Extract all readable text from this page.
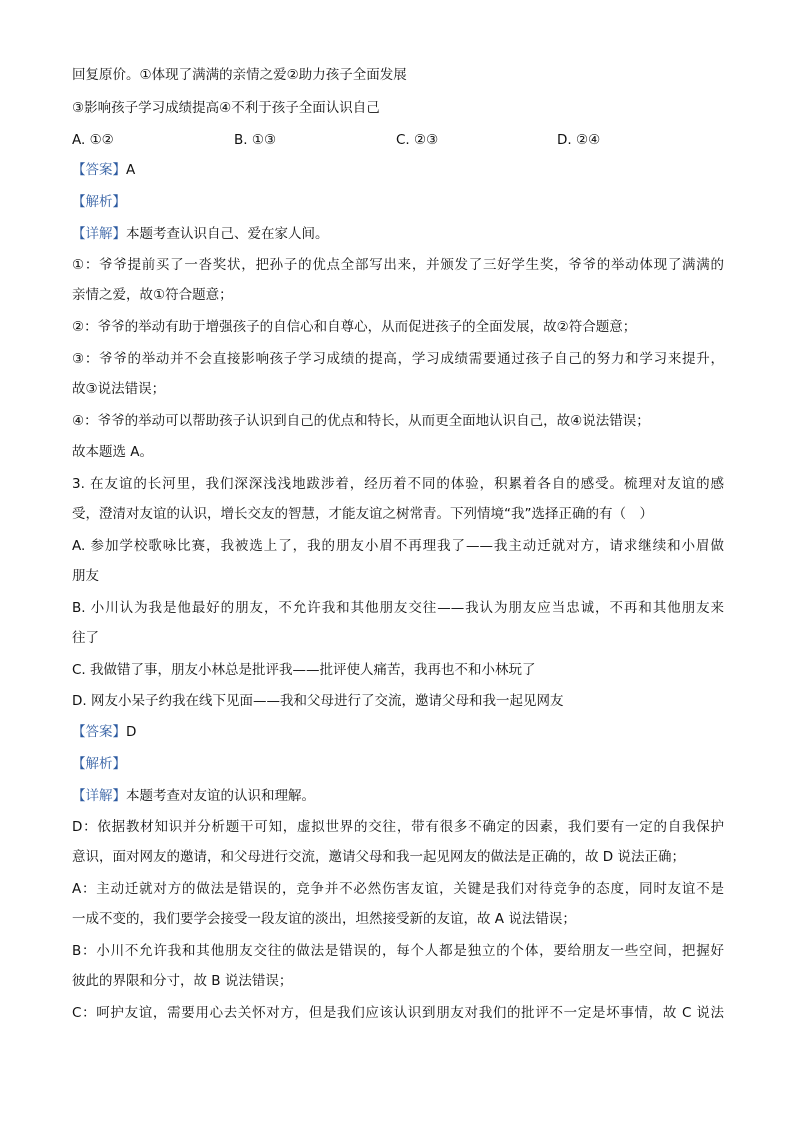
回复原价。①体现了满满的亲情之爱②助力孩子全面发展
③影响孩子学习成绩提高④不利于孩子全面认识自己
A. ①②	B. ①③	C. ②③	D. ②④
【答案】A
【解析】
【详解】本题考查认识自己、爱在家人间。
①：爷爷提前买了一沓奖状，把孙子的优点全部写出来，并颁发了三好学生奖，爷爷的举动体现了满满的
亲情之爱，故①符合题意；
②：爷爷的举动有助于增强孩子的自信心和自尊心，从而促进孩子的全面发展，故②符合题意；
③：爷爷的举动并不会直接影响孩子学习成绩的提高，学习成绩需要通过孩子自己的努力和学习来提升，
故③说法错误；
④：爷爷的举动可以帮助孩子认识到自己的优点和特长，从而更全面地认识自己，故④说法错误；
故本题选 A。
3. 在友谊的长河里，我们深深浅浅地跋涉着，经历着不同的体验，积累着各自的感受。梳理对友谊的感
受，澄清对友谊的认识，增长交友的智慧，才能友谊之树常青。下列情境“我”选择正确的有（　）
A. 参加学校歌咏比赛，我被选上了，我的朋友小眉不再理我了——我主动迁就对方，请求继续和小眉做
朋友
B. 小川认为我是他最好的朋友，不允许我和其他朋友交往——我认为朋友应当忠诚，不再和其他朋友来
往了
C. 我做错了事，朋友小林总是批评我——批评使人痛苦，我再也不和小林玩了
D. 网友小呆子约我在线下见面——我和父母进行了交流，邀请父母和我一起见网友
【答案】D
【解析】
【详解】本题考查对友谊的认识和理解。
D：依据教材知识并分析题干可知，虚拟世界的交往，带有很多不确定的因素，我们要有一定的自我保护
意识，面对网友的邀请，和父母进行交流，邀请父母和我一起见网友的做法是正确的，故 D 说法正确；
A：主动迁就对方的做法是错误的，竞争并不必然伤害友谊，关键是我们对待竞争的态度，同时友谊不是
一成不变的，我们要学会接受一段友谊的淡出，坦然接受新的友谊，故 A 说法错误；
B：小川不允许我和其他朋友交往的做法是错误的，每个人都是独立的个体，要给朋友一些空间，把握好
彼此的界限和分寸，故 B 说法错误；
C：呵护友谊，需要用心去关怀对方，但是我们应该认识到朋友对我们的批评不一定是坏事情，故 C 说法
